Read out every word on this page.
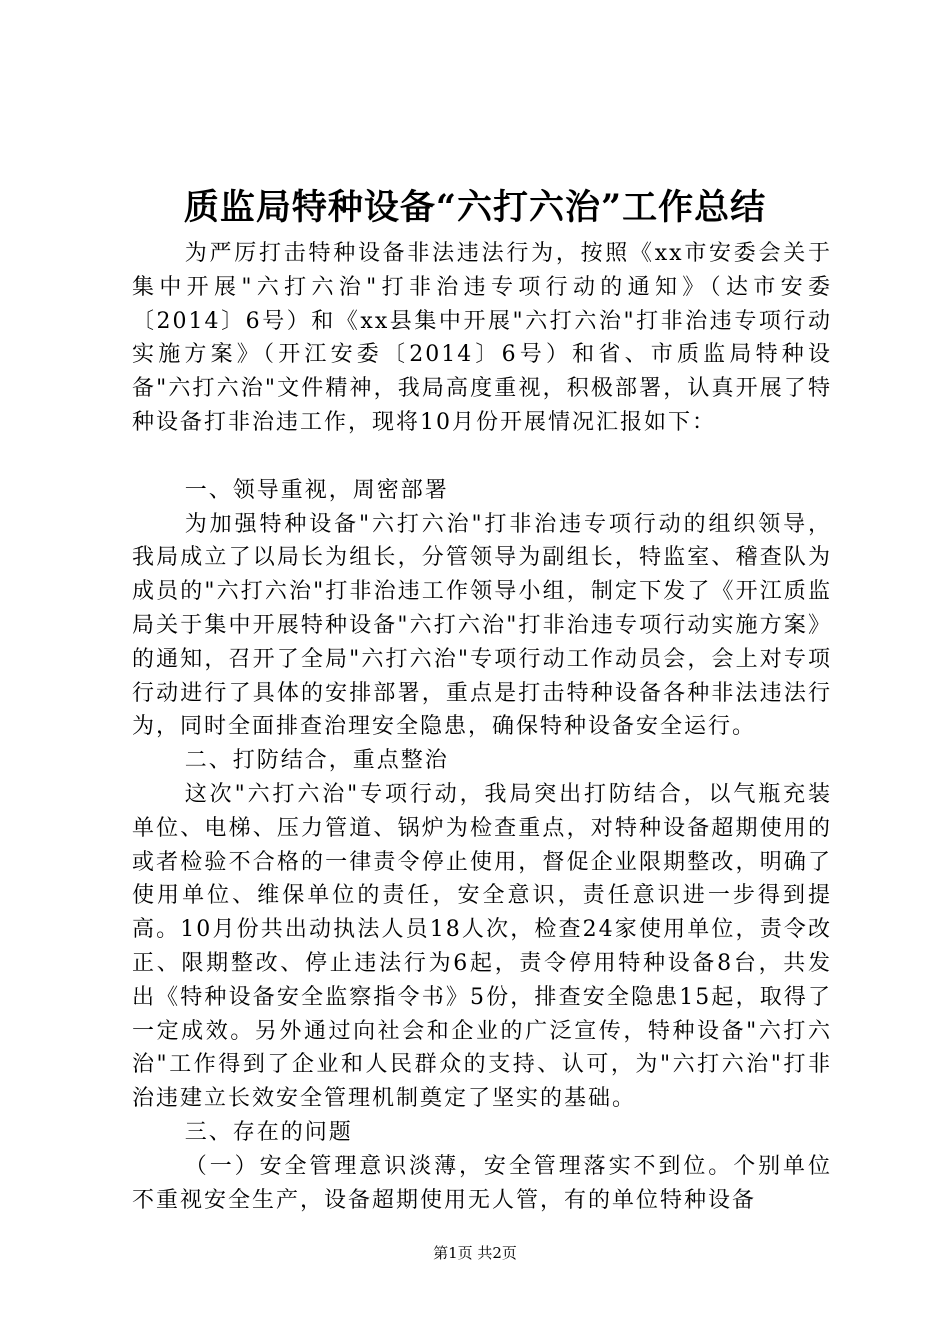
质监局特种设备“六打六治”工作总结

为严厉打击特种设备非法违法行为，按照《xx市安委会关于集中开展"六打六治"打非治违专项行动的通知》（达市安委〔2014〕6号）和《xx县集中开展"六打六治"打非治违专项行动实施方案》（开江安委〔2014〕6号）和省、市质监局特种设备"六打六治"文件精神，我局高度重视，积极部署，认真开展了特种设备打非治违工作，现将10月份开展情况汇报如下：

一、领导重视，周密部署

为加强特种设备"六打六治"打非治违专项行动的组织领导，我局成立了以局长为组长，分管领导为副组长，特监室、稽查队为成员的"六打六治"打非治违工作领导小组，制定下发了《开江质监局关于集中开展特种设备"六打六治"打非治违专项行动实施方案》的通知，召开了全局"六打六治"专项行动工作动员会，会上对专项行动进行了具体的安排部署，重点是打击特种设备各种非法违法行为，同时全面排查治理安全隐患，确保特种设备安全运行。

二、打防结合，重点整治

这次"六打六治"专项行动，我局突出打防结合，以气瓶充装单位、电梯、压力管道、锅炉为检查重点，对特种设备超期使用的或者检验不合格的一律责令停止使用，督促企业限期整改，明确了使用单位、维保单位的责任，安全意识，责任意识进一步得到提高。10月份共出动执法人员18人次，检查24家使用单位，责令改正、限期整改、停止违法行为6起，责令停用特种设备8台，共发出《特种设备安全监察指令书》5份，排查安全隐患15起，取得了一定成效。另外通过向社会和企业的广泛宣传，特种设备"六打六治"工作得到了企业和人民群众的支持、认可，为"六打六治"打非治违建立长效安全管理机制奠定了坚实的基础。

三、存在的问题

（一）安全管理意识淡薄，安全管理落实不到位。个别单位不重视安全生产，设备超期使用无人管，有的单位特种设备

第1页 共2页
